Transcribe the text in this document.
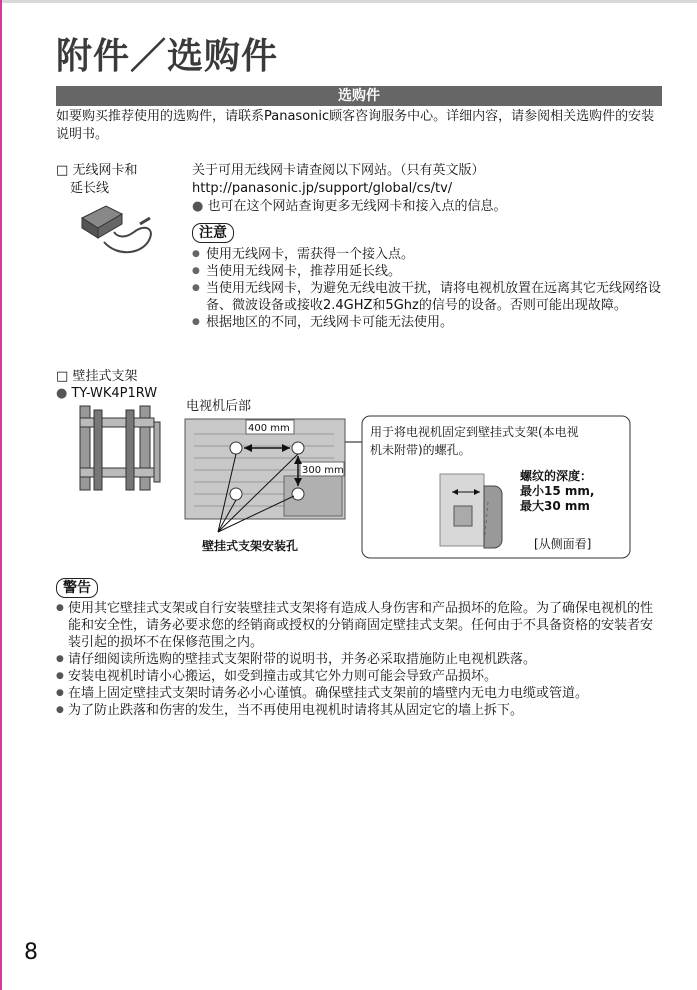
附件／选购件
选购件
如要购买推荐使用的选购件，请联系Panasonic顾客咨询服务中心。详细内容，请参阅相关选购件的安装说明书。
□ 无线网卡和
延长线
关于可用无线网卡请查阅以下网站。（只有英文版）
http://panasonic.jp/support/global/cs/tv/
● 也可在这个网站查询更多无线网卡和接入点的信息。
注意
● 使用无线网卡，需获得一个接入点。
● 当使用无线网卡，推荐用延长线。
● 当使用无线网卡，为避免无线电波干扰，请将电视机放置在远离其它无线网络设备、微波设备或接收2.4GHZ和5Ghz的信号的设备。否则可能出现故障。
● 根据地区的不同，无线网卡可能无法使用。
□ 壁挂式支架
● TY-WK4P1RW
电视机后部
400 mm
300 mm
壁挂式支架安装孔
用于将电视机固定到壁挂式支架(本电视
机未附带)的螺孔。
螺纹的深度：
最小15 mm,
最大30 mm
[从侧面看]
警告
● 使用其它壁挂式支架或自行安装壁挂式支架将有造成人身伤害和产品损坏的危险。为了确保电视机的性能和安全性，请务必要求您的经销商或授权的分销商固定壁挂式支架。任何由于不具备资格的安装者安装引起的损坏不在保修范围之内。
● 请仔细阅读所选购的壁挂式支架附带的说明书，并务必采取措施防止电视机跌落。
● 安装电视机时请小心搬运，如受到撞击或其它外力则可能会导致产品损坏。
● 在墙上固定壁挂式支架时请务必小心谨慎。确保壁挂式支架前的墙壁内无电力电缆或管道。
● 为了防止跌落和伤害的发生，当不再使用电视机时请将其从固定它的墙上拆下。
8
